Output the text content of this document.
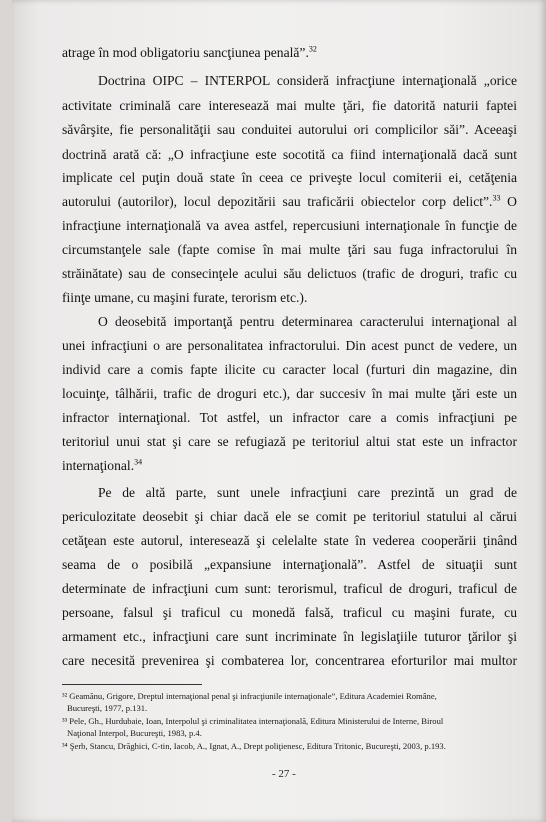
atrage în mod obligatoriu sancţiunea penală”.$^{32}$
Doctrina OIPC – INTERPOL consideră infracţiune internaţională „orice
activitate criminală care interesează mai multe ţări, fie datorită naturii faptei
săvârşite, fie personalităţii sau conduitei autorului ori complicilor săi”. Aceeaşi
doctrină arată că: „O infracţiune este socotită ca fiind internaţională dacă sunt
implicate cel puţin două state în ceea ce priveşte locul comiterii ei, cetăţenia
autorului (autorilor), locul depozitării sau traficării obiectelor corp delict”.$^{33}$ O
infracţiune internaţională va avea astfel, repercusiuni internaţionale în funcţie de
circumstanţele sale (fapte comise în mai multe ţări sau fuga infractorului în
străinătate) sau de consecinţele acului său delictuos (trafic de droguri, trafic cu
fiinţe umane, cu maşini furate, terorism etc.).
O deosebită importanţă pentru determinarea caracterului internaţional al
unei infracţiuni o are personalitatea infractorului. Din acest punct de vedere, un
individ care a comis fapte ilicite cu caracter local (furturi din magazine, din
locuinţe, tâlhării, trafic de droguri etc.), dar succesiv în mai multe ţări este un
infractor internaţional. Tot astfel, un infractor care a comis infracţiuni pe
teritoriul unui stat şi care se refugiază pe teritoriul altui stat este un infractor
internaţional.$^{34}$
Pe de altă parte, sunt unele infracţiuni care prezintă un grad de
periculozitate deosebit şi chiar dacă ele se comit pe teritoriul statului al cărui
cetăţean este autorul, interesează şi celelalte state în vederea cooperării ţinând
seama de o posibilă „expansiune internaţională”. Astfel de situaţii sunt
determinate de infracţiuni cum sunt: terorismul, traficul de droguri, traficul de
persoane, falsul şi traficul cu monedă falsă, traficul cu maşini furate, cu
armament etc., infracţiuni care sunt incriminate în legislaţiile tuturor ţărilor şi
care necesită prevenirea şi combaterea lor, concentrarea eforturilor mai multor
³² Geamănu, Grigore, Dreptul internaţional penal şi infracţiunile internaţionale”, Editura Academiei Române,
Bucureşti, 1977, p.131.
³³ Pele, Gh., Hurdubaie, Ioan, Interpolul şi criminalitatea internaţională, Editura Ministerului de Interne, Biroul
Naţional Interpol, Bucureşti, 1983, p.4.
³⁴ Şerb, Stancu, Drăghici, C-tin, Iacob, A., Ignat, A., Drept poliţienesc, Editura Tritonic, Bucureşti, 2003, p.193.
- 27 -
